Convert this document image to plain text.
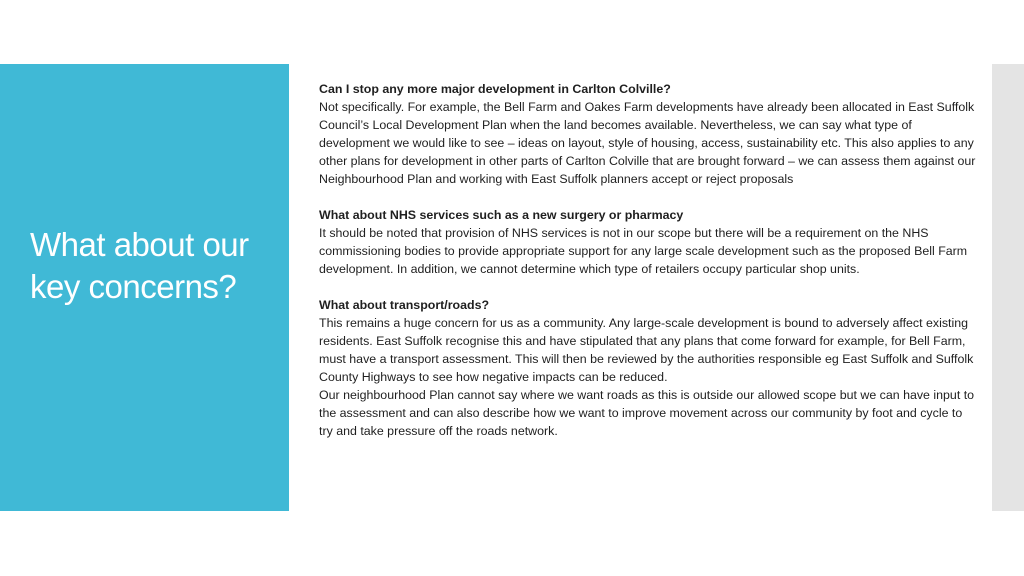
What about our key concerns?

Can I stop any more major development in Carlton Colville?

Not specifically. For example, the Bell Farm and Oakes Farm developments have already been allocated in East Suffolk Council’s Local Development Plan when the land becomes available. Nevertheless, we can say what type of development we would like to see – ideas on layout, style of housing, access, sustainability etc. This also applies to any other plans for development in other parts of Carlton Colville that are brought forward – we can assess them against our Neighbourhood Plan and working with East Suffolk planners accept or reject proposals

What about NHS services such as a new surgery or pharmacy

It should be noted that provision of NHS services is not in our scope but there will be a requirement on the NHS commissioning bodies to provide appropriate support for any large scale development such as the proposed Bell Farm development. In addition, we cannot determine which type of retailers occupy particular shop units.

What about transport/roads?

This remains a huge concern for us as a community. Any large-scale development is bound to adversely affect existing residents. East Suffolk recognise this and have stipulated that any plans that come forward for example, for Bell Farm, must have a transport assessment. This will then be reviewed by the authorities responsible eg East Suffolk and Suffolk County Highways to see how negative impacts can be reduced.

Our neighbourhood Plan cannot say where we want roads as this is outside our allowed scope but we can have input to the assessment and can also describe how we want to improve movement across our community by foot and cycle to try and take pressure off the roads network.
